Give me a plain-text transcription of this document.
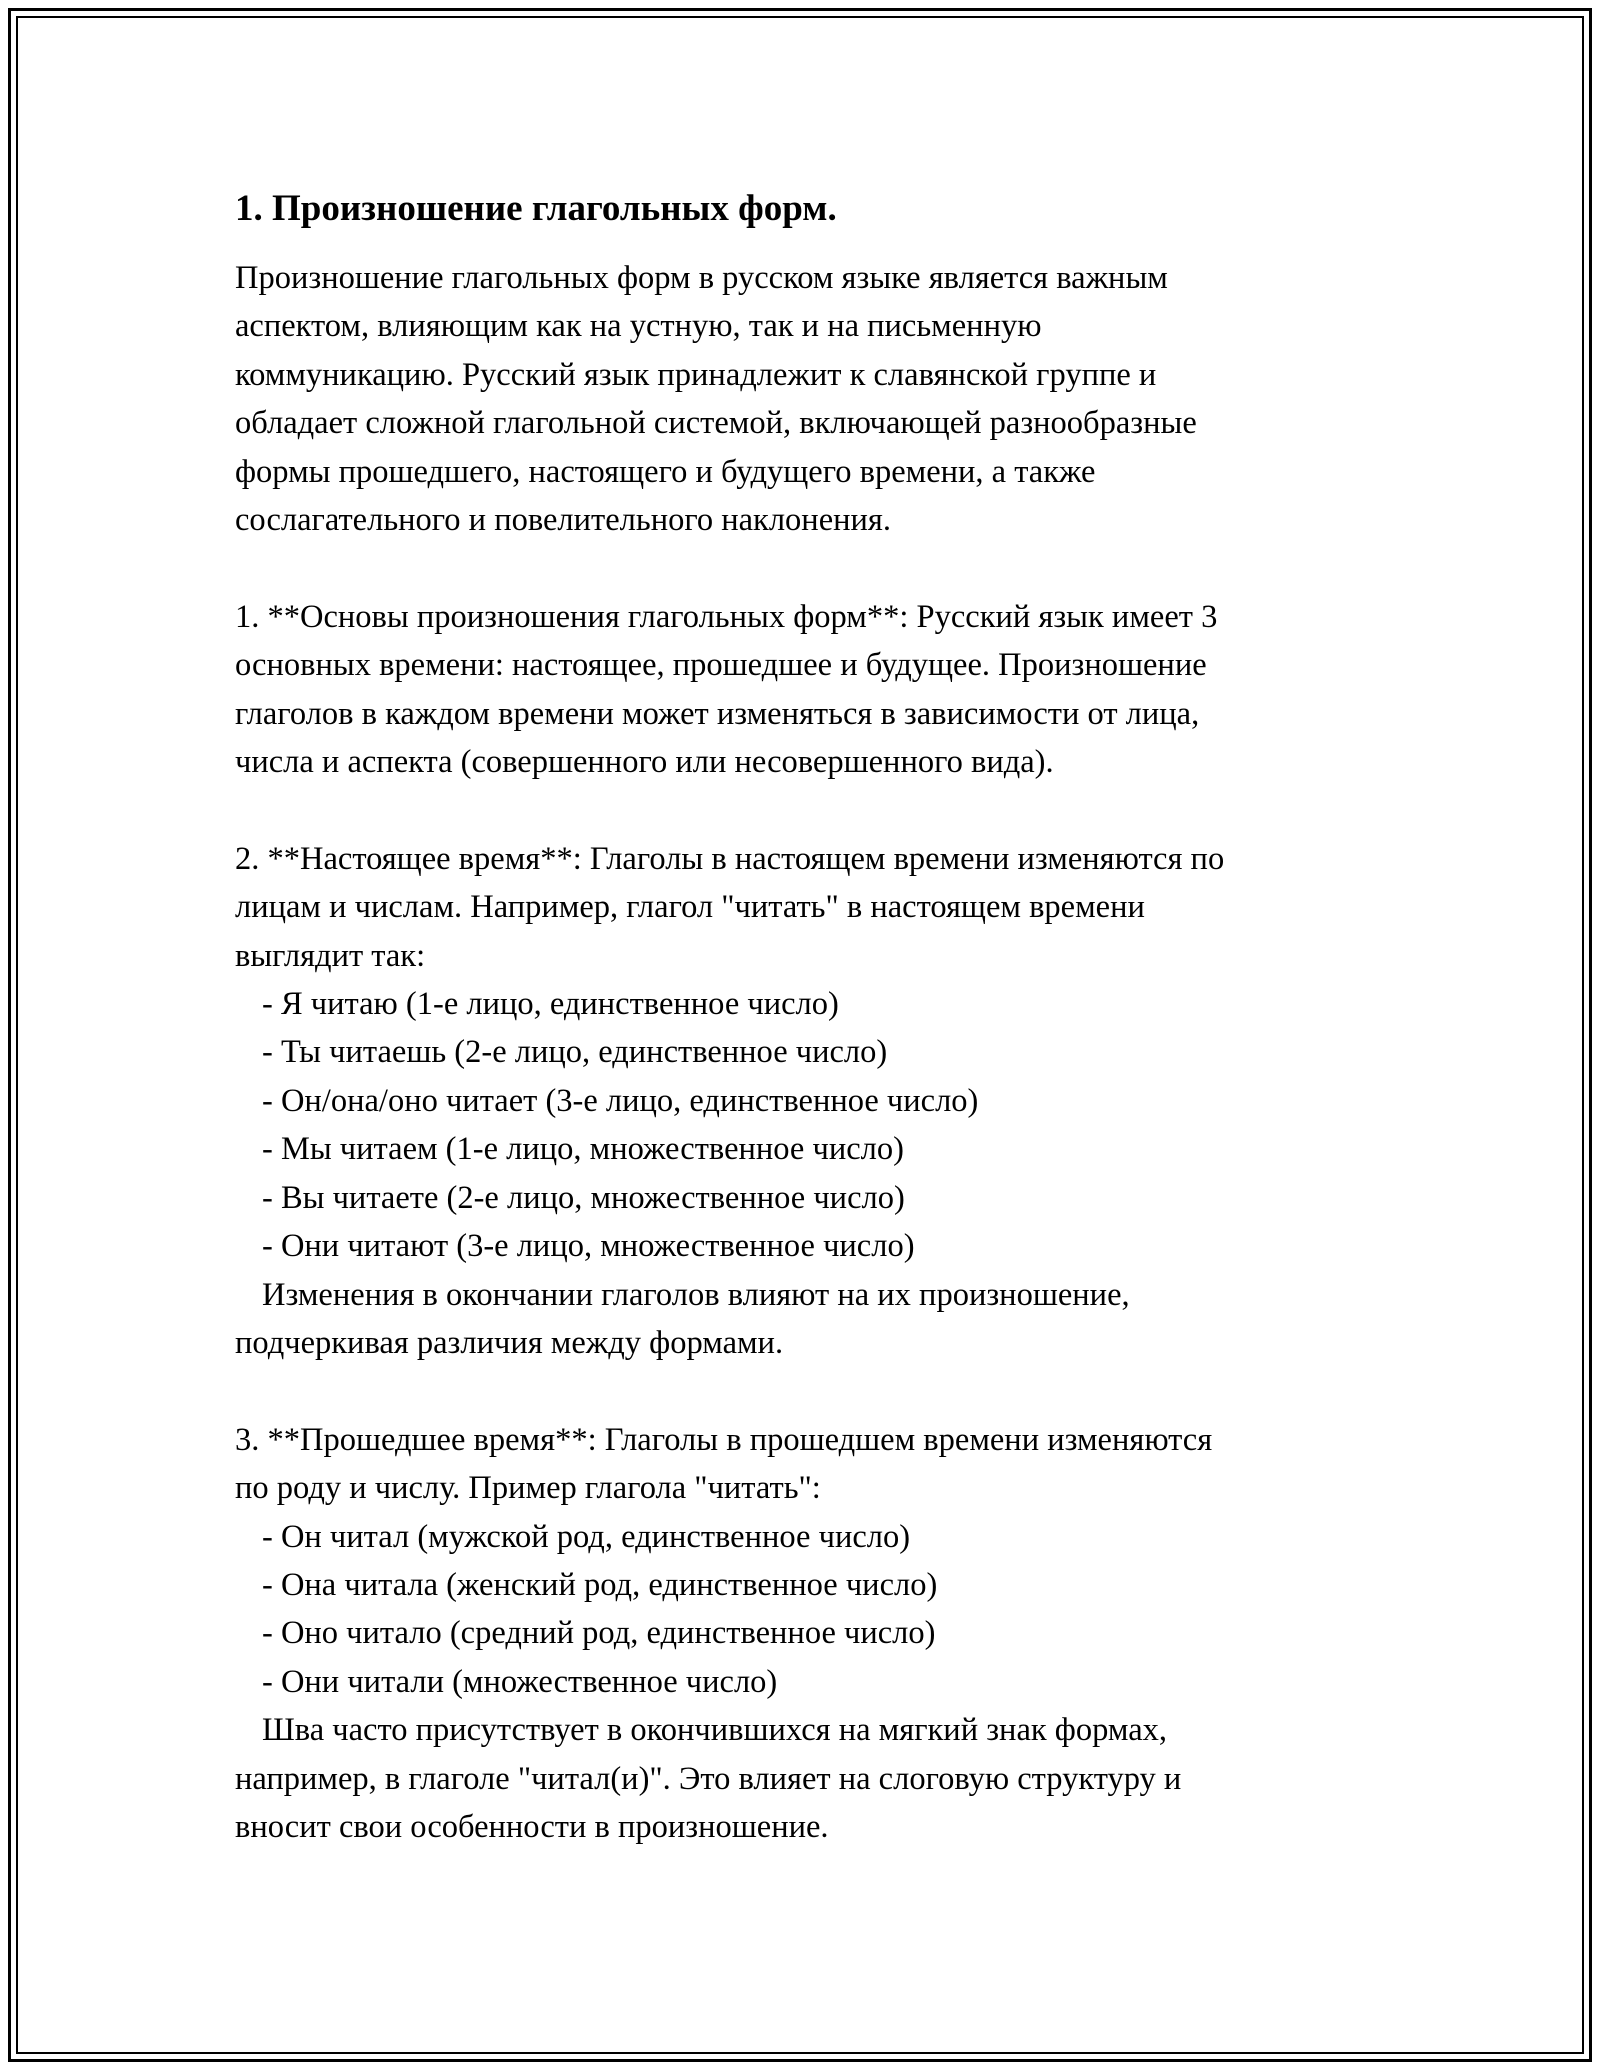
1. Произношение глагольных форм.
Произношение глагольных форм в русском языке является важным
аспектом, влияющим как на устную, так и на письменную
коммуникацию. Русский язык принадлежит к славянской группе и
обладает сложной глагольной системой, включающей разнообразные
формы прошедшего, настоящего и будущего времени, а также
сослагательного и повелительного наклонения.
1. **Основы произношения глагольных форм**: Русский язык имеет 3
основных времени: настоящее, прошедшее и будущее. Произношение
глаголов в каждом времени может изменяться в зависимости от лица,
числа и аспекта (совершенного или несовершенного вида).
2. **Настоящее время**: Глаголы в настоящем времени изменяются по
лицам и числам. Например, глагол "читать" в настоящем времени
выглядит так:
- Я читаю (1-е лицо, единственное число)
- Ты читаешь (2-е лицо, единственное число)
- Он/она/оно читает (3-е лицо, единственное число)
- Мы читаем (1-е лицо, множественное число)
- Вы читаете (2-е лицо, множественное число)
- Они читают (3-е лицо, множественное число)
Изменения в окончании глаголов влияют на их произношение,
подчеркивая различия между формами.
3. **Прошедшее время**: Глаголы в прошедшем времени изменяются
по роду и числу. Пример глагола "читать":
- Он читал (мужской род, единственное число)
- Она читала (женский род, единственное число)
- Оно читало (средний род, единственное число)
- Они читали (множественное число)
Шва часто присутствует в окончившихся на мягкий знак формах,
например, в глаголе "читал(и)". Это влияет на слоговую структуру и
вносит свои особенности в произношение.
